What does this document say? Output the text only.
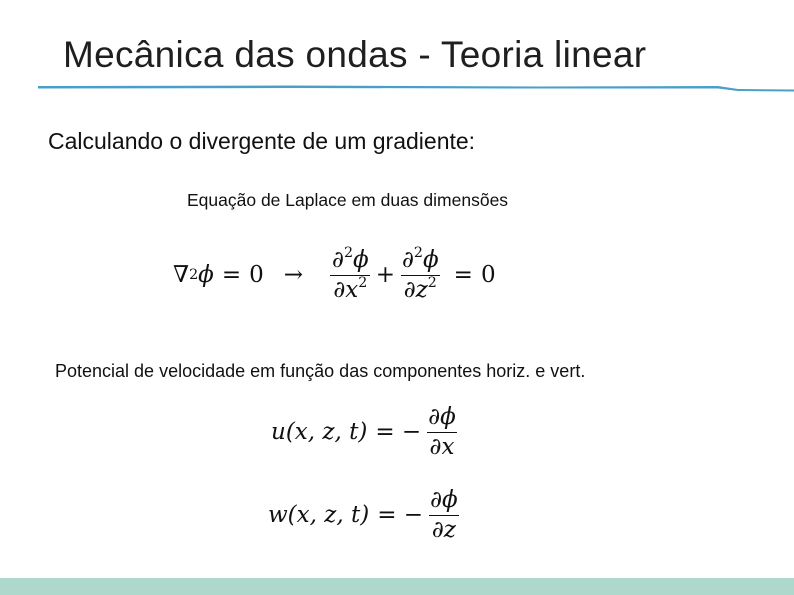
Mecânica das ondas - Teoria linear
Calculando o divergente de um gradiente:
Equação de Laplace em duas dimensões
∇ 2 $\phi = 0 \to \frac{\partial^2\phi}{\partial x^2} + \frac{\partial^2\phi}{\partial z^2} = 0$
Potencial de velocidade em função das componentes horiz. e vert.
u(x, z, t) = − $\frac{\partial\phi}{\partial x}$
w(x, z, t) = − $\frac{\partial\phi}{\partial z}$
